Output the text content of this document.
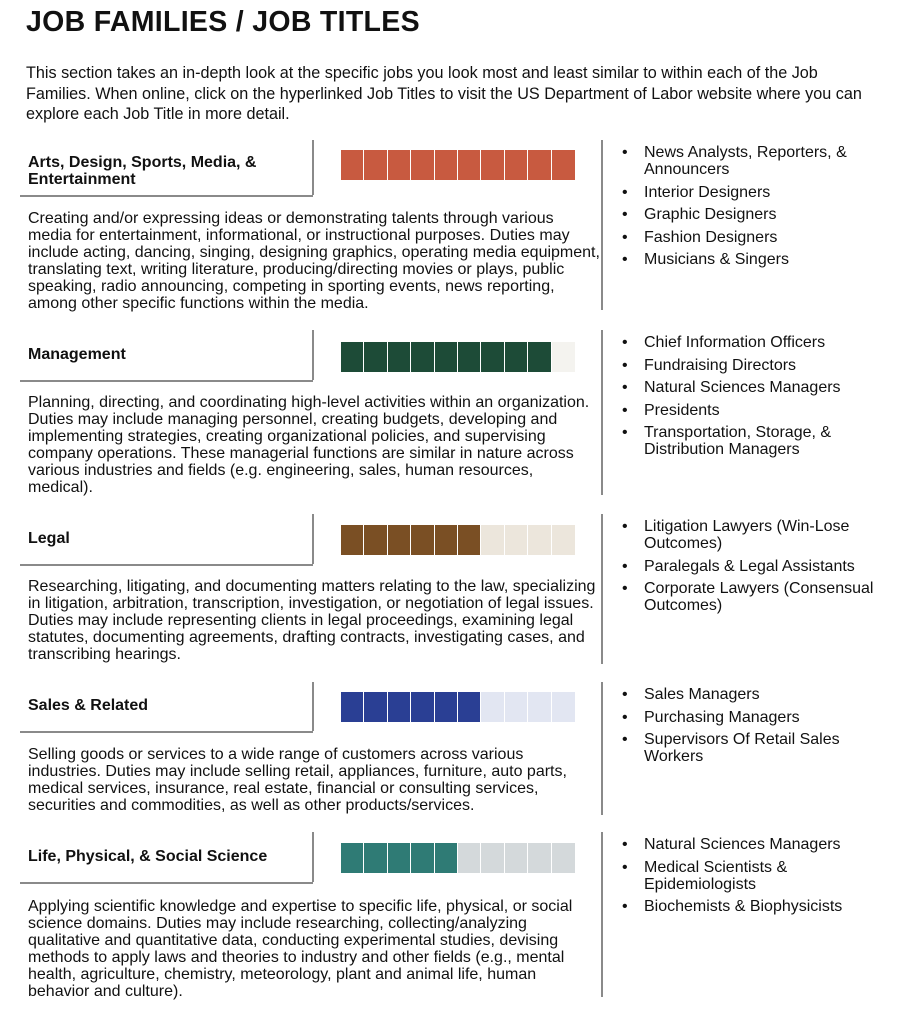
JOB FAMILIES / JOB TITLES

This section takes an in-depth look at the specific jobs you look most and least similar to within each of the Job Families. When online, click on the hyperlinked Job Titles to visit the US Department of Labor website where you can explore each Job Title in more detail.

Arts, Design, Sports, Media, & Entertainment
Creating and/or expressing ideas or demonstrating talents through various media for entertainment, informational, or instructional purposes. Duties may include acting, dancing, singing, designing graphics, operating media equipment, translating text, writing literature, producing/directing movies or plays, public speaking, radio announcing, competing in sporting events, news reporting, among other specific functions within the media.
• News Analysts, Reporters, & Announcers
• Interior Designers
• Graphic Designers
• Fashion Designers
• Musicians & Singers
Management
Planning, directing, and coordinating high-level activities within an organization. Duties may include managing personnel, creating budgets, developing and implementing strategies, creating organizational policies, and supervising company operations. These managerial functions are similar in nature across various industries and fields (e.g. engineering, sales, human resources, medical).
• Chief Information Officers
• Fundraising Directors
• Natural Sciences Managers
• Presidents
• Transportation, Storage, & Distribution Managers
Legal
Researching, litigating, and documenting matters relating to the law, specializing in litigation, arbitration, transcription, investigation, or negotiation of legal issues. Duties may include representing clients in legal proceedings, examining legal statutes, documenting agreements, drafting contracts, investigating cases, and transcribing hearings.
• Litigation Lawyers (Win-Lose Outcomes)
• Paralegals & Legal Assistants
• Corporate Lawyers (Consensual Outcomes)
Sales & Related
Selling goods or services to a wide range of customers across various industries. Duties may include selling retail, appliances, furniture, auto parts, medical services, insurance, real estate, financial or consulting services, securities and commodities, as well as other products/services.
• Sales Managers
• Purchasing Managers
• Supervisors Of Retail Sales Workers
Life, Physical, & Social Science
Applying scientific knowledge and expertise to specific life, physical, or social science domains. Duties may include researching, collecting/analyzing qualitative and quantitative data, conducting experimental studies, devising methods to apply laws and theories to industry and other fields (e.g., mental health, agriculture, chemistry, meteorology, plant and animal life, human behavior and culture).
• Natural Sciences Managers
• Medical Scientists & Epidemiologists
• Biochemists & Biophysicists
